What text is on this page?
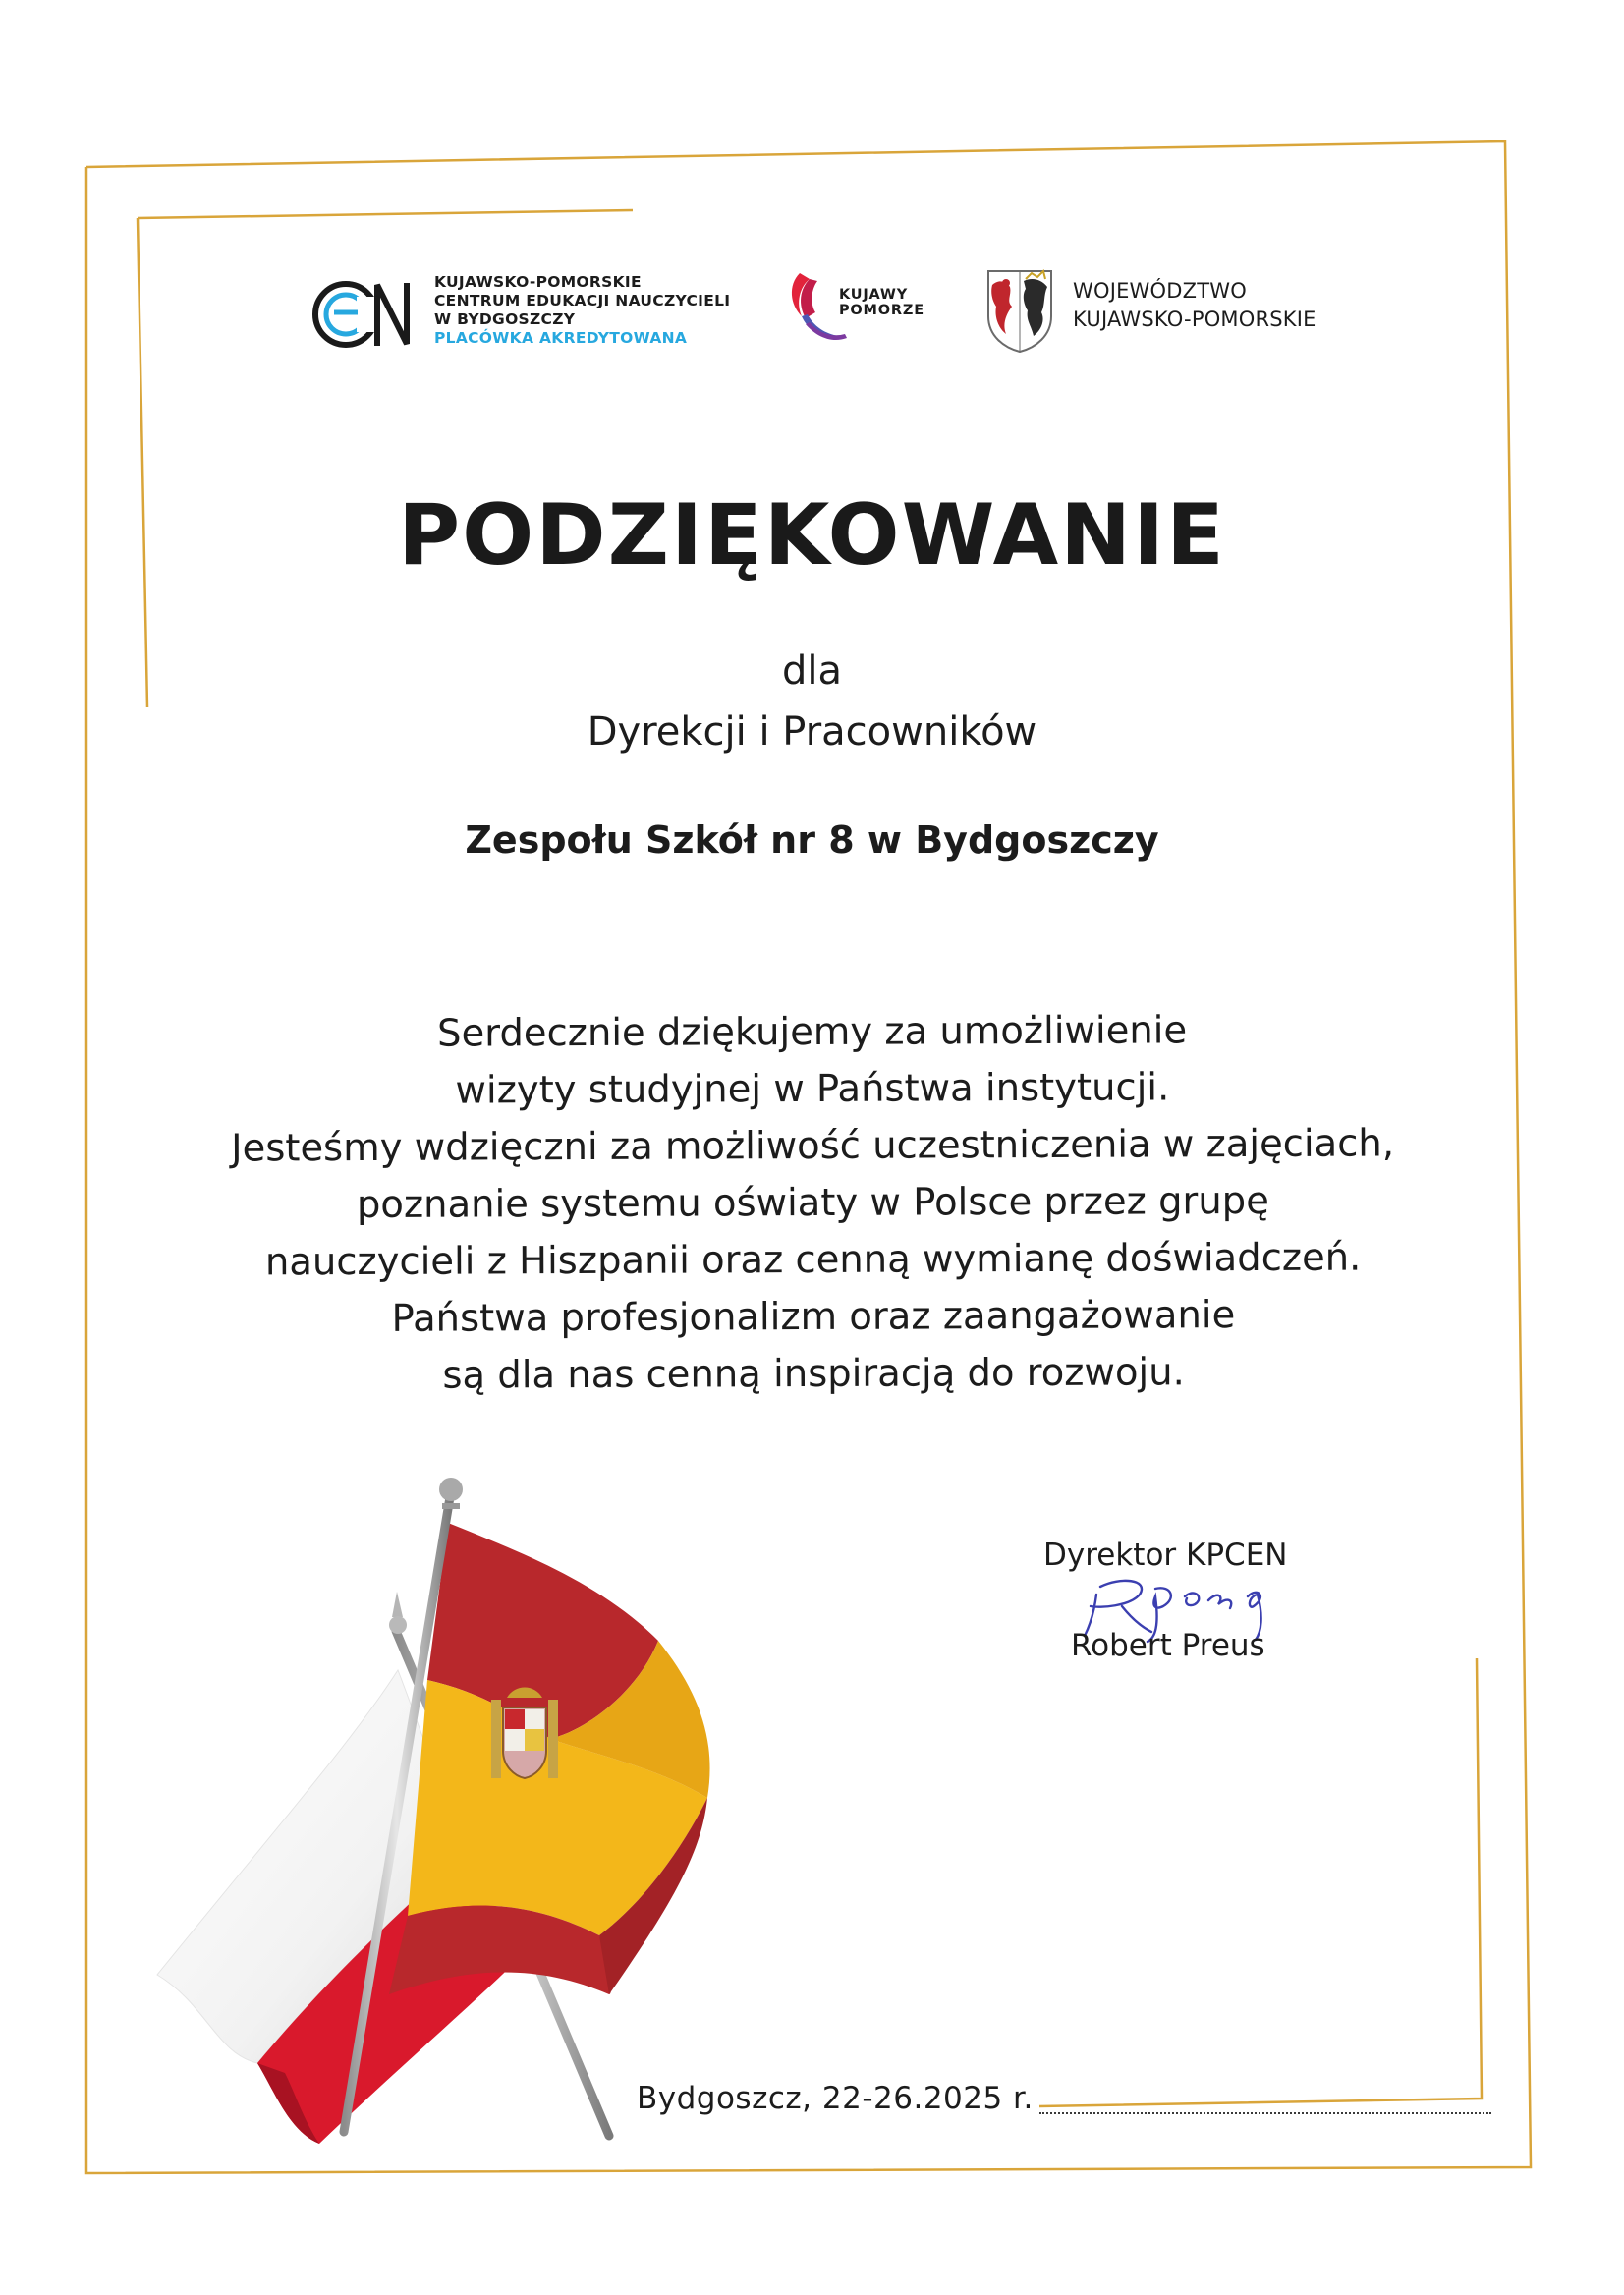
KUJAWSKO-POMORSKIE
CENTRUM EDUKACJI NAUCZYCIELI
W BYDGOSZCZY
PLACÓWKA AKREDYTOWANA
KUJAWY
POMORZE
WOJEWÓDZTWO
KUJAWSKO-POMORSKIE
PODZIĘKOWANIE
dla
Dyrekcji i Pracowników
Zespołu Szkół nr 8 w Bydgoszczy
Serdecznie dziękujemy za umożliwienie
wizyty studyjnej w Państwa instytucji.
Jesteśmy wdzięczni za możliwość uczestniczenia w zajęciach,
poznanie systemu oświaty w Polsce przez grupę
nauczycieli z Hiszpanii oraz cenną wymianę doświadczeń.
Państwa profesjonalizm oraz zaangażowanie
są dla nas cenną inspiracją do rozwoju.
Dyrektor KPCEN
Robert Preus
Bydgoszcz, 22-26.2025 r.
